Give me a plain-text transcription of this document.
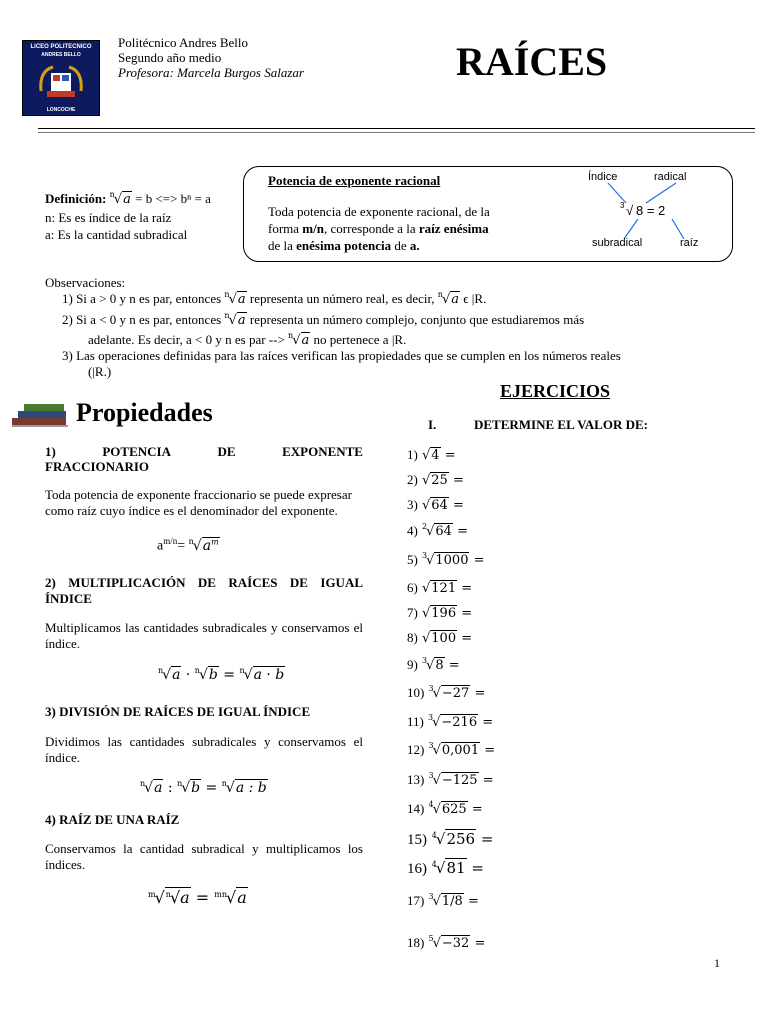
LICEO POLITECNICO
ANDRES BELLO
LONCOCHE
Politécnico Andres Bello
Segundo año medio
Profesora: Marcela Burgos Salazar	RAÍCES
Definición: $^n$√a = b <=> bⁿ = a
n: Es es índice de la raíz
a: Es la cantidad subradical
Potencia de exponente racional
Toda potencia de exponente racional, de la
forma m/n, corresponde a la raíz enésima
de la enésima potencia de a.
Índice	radical
3 √ 8 = 2
subradical	raíz
Observaciones:
1) Si a > 0 y n es par, entonces $^n$√a representa un número real, es decir, $^n$√a ϵ |R.
2) Si a < 0 y n es par, entonces $^n$√a representa un número complejo, conjunto que estudiaremos más
adelante. Es decir, a < 0 y n es par --> $^n$√a no pertenece a |R.
3) Las operaciones definidas para las raíces verifican las propiedades que se cumplen en los números reales
(|R.)
Propiedades
1)	POTENCIA	DE	EXPONENTE
FRACCIONARIO
Toda potencia de exponente fraccionario se puede expresar como raíz cuyo índice es el denominador del exponente.
$a^{m/n}= ^n√a^m$
2) MULTIPLICACIÓN DE RAÍCES DE IGUAL ÍNDICE
Multiplicamos las cantidades subradicales y conservamos el índice.
$^n$√a · $^n$√b = $^n$√a · b
3) DIVISIÓN DE RAÍCES DE IGUAL ÍNDICE
Dividimos las cantidades subradicales y conservamos el índice.
$^n$√a : $^n$√b = $^n$√a : b
4) RAÍZ DE UNA RAÍZ
Conservamos la cantidad subradical y multiplicamos los índices.
$^m$√$^n$√a = $^{mn}$√a
EJERCICIOS
I.	DETERMINE EL VALOR DE:
1) √4 =
2) √25 =
3) √64 =
4) $^2$√64 =
5) $^3$√1000 =
6) √121 =
7) √196 =
8) √100 =
9) $^3$√8 =
10) $^3$√−27 =
11) $^3$√−216 =
12) $^3$√0,001 =
13) $^3$√−125 =
14) $^4$√625 =
15) $^4$√256 =
16) $^4$√81 =
17) $^3$√1/8 =
18) $^5$√−32 =
1
